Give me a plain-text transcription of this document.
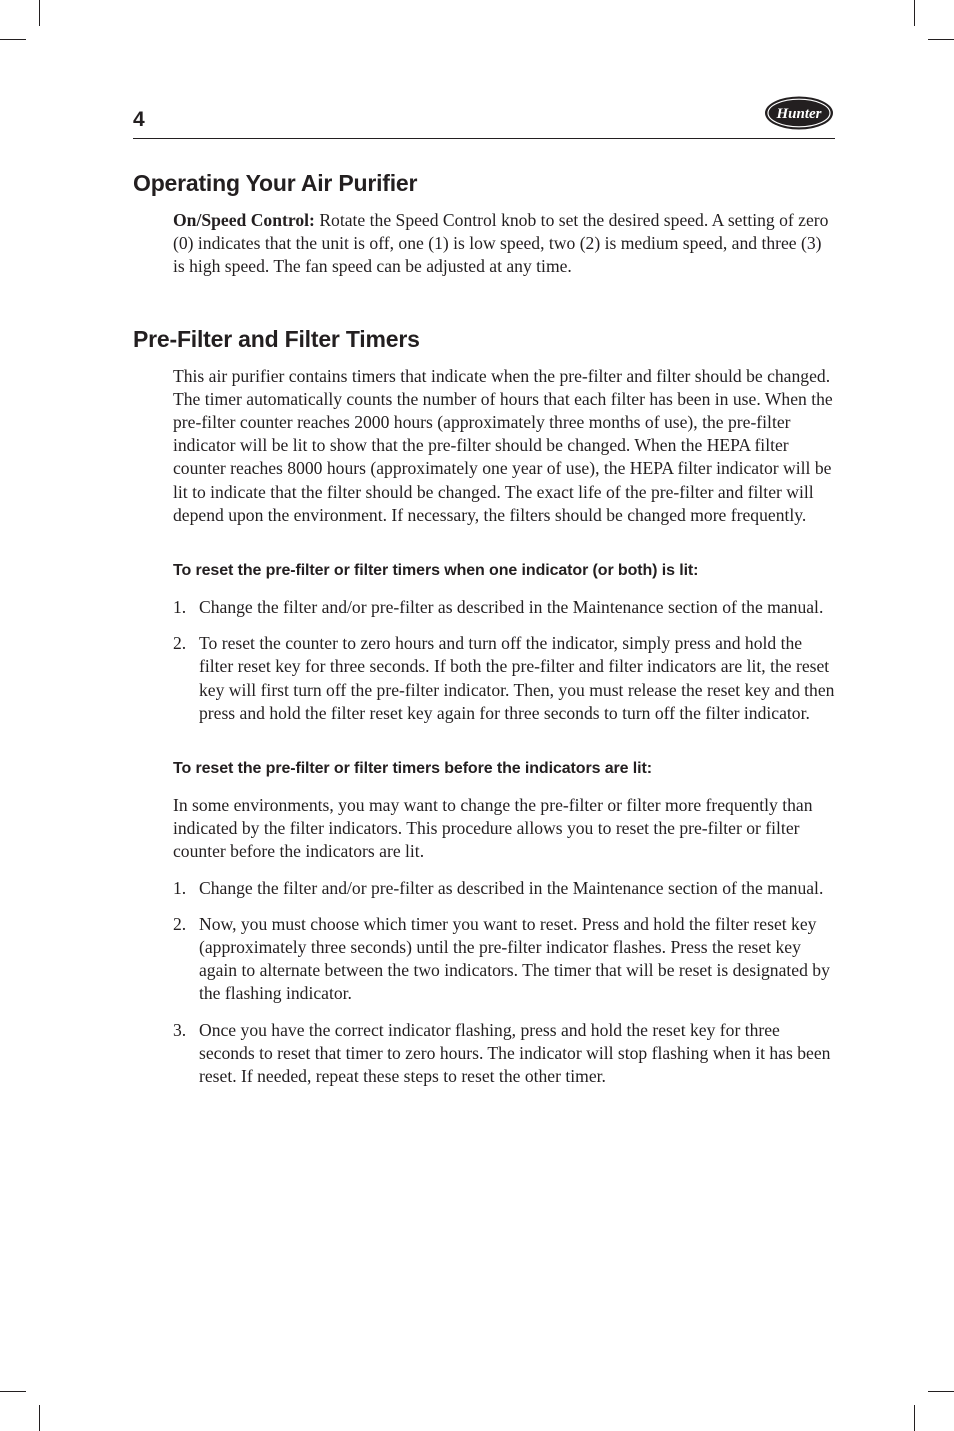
4	Hunter
Operating Your Air Purifier

On/Speed Control: Rotate the Speed Control knob to set the desired speed. A setting of zero (0) indicates that the unit is off, one (1) is low speed, two (2) is medium speed, and three (3) is high speed. The fan speed can be adjusted at any time.

Pre-Filter and Filter Timers

This air purifier contains timers that indicate when the pre-filter and filter should be changed. The timer automatically counts the number of hours that each filter has been in use. When the pre-filter counter reaches 2000 hours (approximately three months of use), the pre-filter indicator will be lit to show that the pre-filter should be changed. When the HEPA filter counter reaches 8000 hours (approximately one year of use), the HEPA filter indicator will be lit to indicate that the filter should be changed. The exact life of the pre-filter and filter will depend upon the environment. If necessary, the filters should be changed more frequently.

To reset the pre-filter or filter timers when one indicator (or both) is lit:
1. Change the filter and/or pre-filter as described in the Maintenance section of the manual.
2. To reset the counter to zero hours and turn off the indicator, simply press and hold the filter reset key for three seconds. If both the pre-filter and filter indicators are lit, the reset key will first turn off the pre-filter indicator. Then, you must release the reset key and then press and hold the filter reset key again for three seconds to turn off the filter indicator.
To reset the pre-filter or filter timers before the indicators are lit:

In some environments, you may want to change the pre-filter or filter more frequently than indicated by the filter indicators. This procedure allows you to reset the pre-filter or filter counter before the indicators are lit.

1. Change the filter and/or pre-filter as described in the Maintenance section of the manual.
2. Now, you must choose which timer you want to reset. Press and hold the filter reset key (approximately three seconds) until the pre-filter indicator flashes. Press the reset key again to alternate between the two indicators. The timer that will be reset is designated by the flashing indicator.
3. Once you have the correct indicator flashing, press and hold the reset key for three seconds to reset that timer to zero hours. The indicator will stop flashing when it has been reset. If needed, repeat these steps to reset the other timer.
